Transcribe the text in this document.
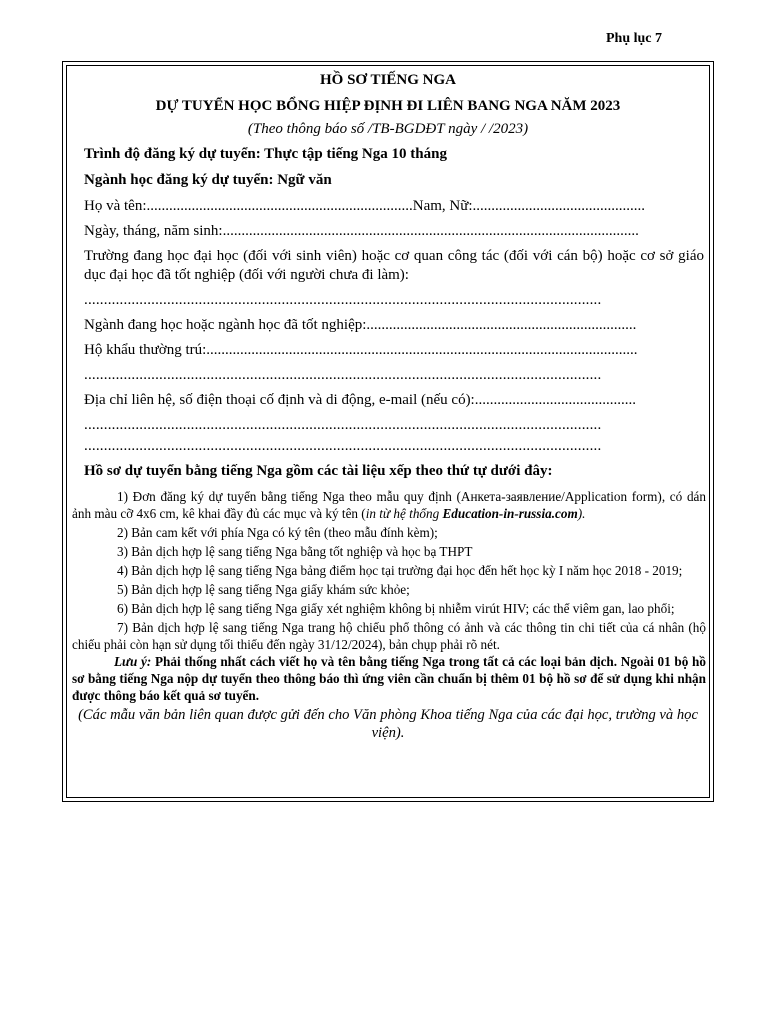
Phụ lục 7
HỒ SƠ TIẾNG NGA
DỰ TUYỂN HỌC BỔNG HIỆP ĐỊNH ĐI LIÊN BANG NGA NĂM 2023
(Theo thông báo số /TB-BGDĐT ngày / /2023)
Trình độ đăng ký dự tuyển: Thực tập tiếng Nga 10 tháng
Ngành học đăng ký dự tuyển: Ngữ văn
Họ và tên:.......................................................................Nam, Nữ:..............................................
Ngày, tháng, năm sinh:...............................................................................................................
Trường đang học đại học (đối với sinh viên) hoặc cơ quan công tác (đối với cán bộ) hoặc cơ sở giáo dục đại học đã tốt nghiệp (đối với người chưa đi làm):
...................................................................................................................................
Ngành đang học hoặc ngành học đã tốt nghiệp:........................................................................
Hộ khẩu thường trú:...................................................................................................................
...................................................................................................................................
Địa chỉ liên hệ, số điện thoại cố định và di động, e-mail (nếu có):...........................................
...................................................................................................................................
...................................................................................................................................
Hồ sơ dự tuyển bằng tiếng Nga gồm các tài liệu xếp theo thứ tự dưới đây:
1) Đơn đăng ký dự tuyển bằng tiếng Nga theo mẫu quy định (Анкета-заявление/Application form), có dán ảnh màu cỡ 4x6 cm, kê khai đầy đủ các mục và ký tên (in từ hệ thống Education-in-russia.com).
2) Bản cam kết với phía Nga có ký tên (theo mẫu đính kèm);
3) Bản dịch hợp lệ sang tiếng Nga bằng tốt nghiệp và học bạ THPT
4) Bản dịch hợp lệ sang tiếng Nga bảng điểm học tại trường đại học đến hết học kỳ I năm học 2018 - 2019;
5) Bản dịch hợp lệ sang tiếng Nga giấy khám sức khỏe;
6) Bản dịch hợp lệ sang tiếng Nga giấy xét nghiệm không bị nhiễm virút HIV; các thể viêm gan, lao phổi;
7) Bản dịch hợp lệ sang tiếng Nga trang hộ chiếu phổ thông có ảnh và các thông tin chi tiết của cá nhân (hộ chiếu phải còn hạn sử dụng tối thiểu đến ngày 31/12/2024), bản chụp phải rõ nét.
Lưu ý: Phải thống nhất cách viết họ và tên bằng tiếng Nga trong tất cả các loại bản dịch. Ngoài 01 bộ hồ sơ bằng tiếng Nga nộp dự tuyển theo thông báo thì ứng viên cần chuẩn bị thêm 01 bộ hồ sơ để sử dụng khi nhận được thông báo kết quả sơ tuyển.
(Các mẫu văn bản liên quan được gửi đến cho Văn phòng Khoa tiếng Nga của các đại học, trường và học viện).
